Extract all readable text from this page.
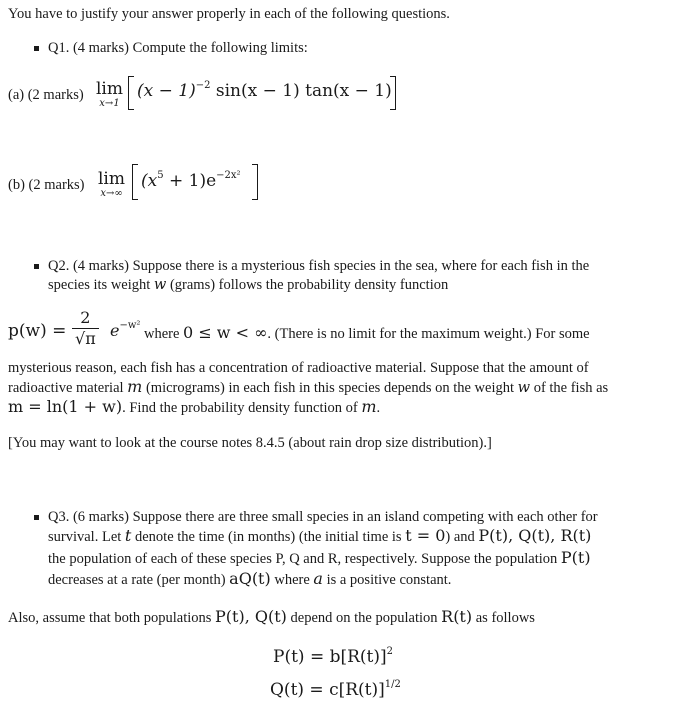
You have to justify your answer properly in each of the following questions.
Q1. (4 marks) Compute the following limits:
(a) (2 marks) lim
x→1
$(x - 1)^{-2}$ sin(x − 1) tan(x − 1)
(b) (2 marks) lim
x→∞
$(x^5 + 1)e^{-2x^2}$
Q2. (4 marks) Suppose there is a mysterious fish species in the sea, where for each fish in the
species its weight w (grams) follows the probability density function
$p(w) = \frac{2}{√\pi} e^{-w^2}$
where 0 ≤ w < ∞. (There is no limit for the maximum weight.) For some
mysterious reason, each fish has a concentration of radioactive material. Suppose that the amount of
radioactive material m (micrograms) in each fish in this species depends on the weight w of the fish as
m = ln(1 + w). Find the probability density function of m.
[You may want to look at the course notes 8.4.5 (about rain drop size distribution).]
Q3. (6 marks) Suppose there are three small species in an island competing with each other for
survival. Let t denote the time (in months) (the initial time is t = 0) and P(t), Q(t), R(t)
the population of each of these species P, Q and R, respectively. Suppose the population P(t)
decreases at a rate (per month) aQ(t) where a is a positive constant.
Also, assume that both populations P(t), Q(t) depend on the population R(t) as follows
$P(t) = b[R(t)]^2$
$Q(t) = c[R(t)]^{1/2}$
